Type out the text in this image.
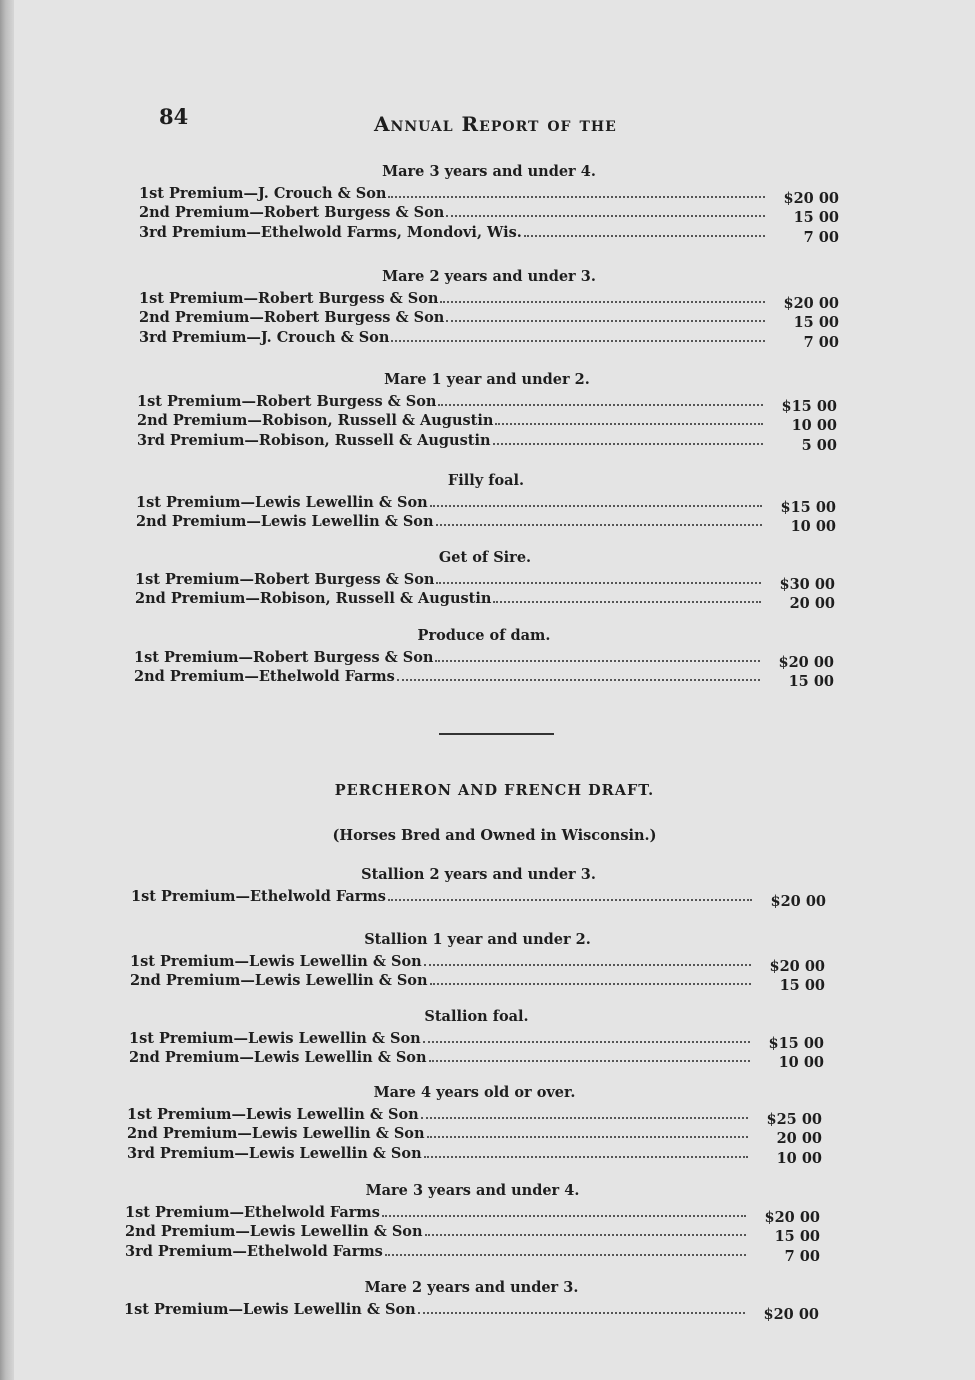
84	Annual Report of the
Mare 3 years and under 4.
1st Premium—J. Crouch & Son	$20 00
2nd Premium—Robert Burgess & Son	15 00
3rd Premium—Ethelwold Farms, Mondovi, Wis.	7 00
Mare 2 years and under 3.
1st Premium—Robert Burgess & Son	$20 00
2nd Premium—Robert Burgess & Son	15 00
3rd Premium—J. Crouch & Son	7 00
Mare 1 year and under 2.
1st Premium—Robert Burgess & Son	$15 00
2nd Premium—Robison, Russell & Augustin	10 00
3rd Premium—Robison, Russell & Augustin	5 00
Filly foal.
1st Premium—Lewis Lewellin & Son	$15 00
2nd Premium—Lewis Lewellin & Son	10 00
Get of Sire.
1st Premium—Robert Burgess & Son	$30 00
2nd Premium—Robison, Russell & Augustin	20 00
Produce of dam.
1st Premium—Robert Burgess & Son	$20 00
2nd Premium—Ethelwold Farms	15 00
PERCHERON AND FRENCH DRAFT.
(Horses Bred and Owned in Wisconsin.)
Stallion 2 years and under 3.
1st Premium—Ethelwold Farms	$20 00
Stallion 1 year and under 2.
1st Premium—Lewis Lewellin & Son	$20 00
2nd Premium—Lewis Lewellin & Son	15 00
Stallion foal.
1st Premium—Lewis Lewellin & Son	$15 00
2nd Premium—Lewis Lewellin & Son	10 00
Mare 4 years old or over.
1st Premium—Lewis Lewellin & Son	$25 00
2nd Premium—Lewis Lewellin & Son	20 00
3rd Premium—Lewis Lewellin & Son	10 00
Mare 3 years and under 4.
1st Premium—Ethelwold Farms	$20 00
2nd Premium—Lewis Lewellin & Son	15 00
3rd Premium—Ethelwold Farms	7 00
Mare 2 years and under 3.
1st Premium—Lewis Lewellin & Son	$20 00
